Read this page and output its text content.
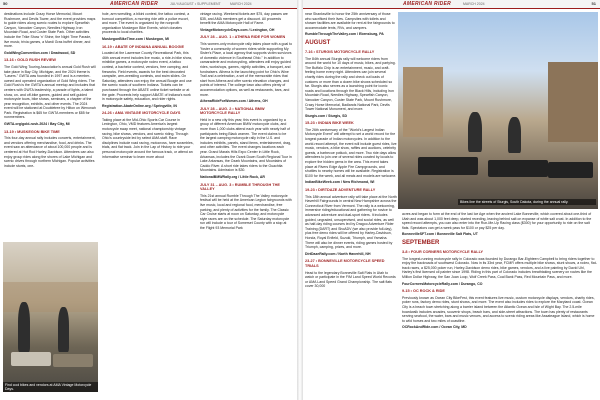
50	AMERICAN RIDER	JULY/AUGUST • SUPPLEMENT	MARCH 2024	AMERICAN RIDER	MARCH 2024	51

destinations include Crazy Horse Memorial, Mount Rushmore, and Devils Tower, and the event provides maps to guide riders along scenic routes to explore Spearfish Canyon, Vanocker Canyon, Needles Highway, Iron Mountain Road, and Custer State Park. Other activities include the Trike Show 'n' Shine, the Night Time Parade, live music, trivia games, a Mardi Gras buffet dinner, and more.

GoldWingConvention.com / Deadwood, SD

13-16 • GOLD RUSH REVIEW

The Gold Wing Touring Association's annual Gold Rush will take place in Bay City, Michigan, and the 2024 theme is "Lasers." GWTA was founded in 1997 and is a member-owned and operated organization of Gold Wing riders. The Gold Rush is the GWTA's annual meetup and includes that centers with GWTA leadership, a parade of lights, a talent show, on- and off-bike games, guided and self-guided motorcycle tours, bike shows, seminars, a chapter of the year recognition, exhibits, and other events. The 2024 event will be stationed at Doubletree by Hilton on Wenonah Park. Registration is $65 for GWTA members or $85 for nonmembers.

GWTA.org/gold-rush-2024 / Bay City, MI

13-19 • MUSKEGON BIKE TIME

This four-day annual rally includes concerts, entertainment, and vendors offering merchandise, food, and drinks. The event saw an attendance of about 100,000 people and is centered at Hot Rod Harley-Davidson. Attendees can also enjoy group rides along the shores of Lake Michigan and scenic drives through northern Michigan. Popular activities include stunts, one-

hole, arm wrestling, a bikini contest, the tattoo contest, a burnout competition, a morning ride with a police escort, and more. The event is organized by the nonprofit organization Muskegon Bike Events, which donates proceeds to local charities.

MuskegonBikeTime.com / Muskegon, MI

16-19 • ABATE OF INDIANA ANNUAL BOOGIE

Located at the Lawrence County Recreational Park, this 46th annual event includes live music, a ride-in bike show, minibike games, a motorcycle rodeo event, a tattoo contest, a bachelor contest, vendors, free camping, and fireworks. Field events, awards for the best decorated campsite, arm-wrestling contests, and swim slides. On Saturday, attendees can enjoy the annual Boogie and use the scenic roads of southern Indiana. Tickets can be purchased through the ABATE online ticket website or at the gate. Proceeds help support ABATE of Indiana's work in motorcycle safety, education, and rider rights.

Registration.AbateOnline.org / Springville, IN

24-26 • AMA VINTAGE MOTORCYCLE DAYS

Taking place at the Mid-Ohio Sports Car Course in Lexington, Ohio, VMD features America's largest motorcycle swap meet, national championship vintage racing, bike shows, vendors, and scenic riding. Through Ohio's countryside led by select AMA staff. Race disciplines include road racing, motocross, hare scrambles, trials, and flat track. Join in the Lap of History to ride your personal motorcycle around the famous track, or attend an informative seminar to learn more about

vintage racing. Weekend tickets are $75, day passes are $35, and AMA members get a discount. All proceeds benefit the AMA Motorcycle Hall of Fame.

VintageMotorcycleDays.com / Lexington, OH

JULY 28 – AUG. 1 • ATHENA RIDE FOR WOMEN

This women-only motorcycle rally takes place with a goal to "foster a community of women riders while supporting My Sister's Place, a local agency that supports victim survivors of domestic violence in Southeast Ohio." In addition to camaraderie and motorcycling, attendees will enjoy guided rides, workshops, games, nightly activities, a banquet, and fundraisers. Athena is the launching point for Ohio's Wine Trail and a celebration, a set of the memorable rides that start from Athens and offer scenic elevation changes, and points of interest. The college town also offers plenty of accommodation options, as well as restaurants, bars, and more.

AthenaRideForWomen.com / Athens, OH

JULY 28 – AUG. 2 • NATIONAL BMW MOTORCYCLE RALLY

Held in a new city this year, this event is organized by a group of different American BMW motorcycle clubs, and more than 1,000 clubs attend each year with nearly half of participants being Black women. The event claims to be the largest camping motorcycle rally in the U.S. and includes exhibits, panels, stand items, entertainment, drag, and other activities. The event changes locations each year. Grand Marais Hills Expo Center in Little Rock, Arkansas, includes the Ozark Down South Regional Tour in Lake Arkansas, the Ozark Mountains, and Mountains of Caddo River. A short ride takes riders to the Ouachita Mountains. Admission is $30.

NationalBMWRally.org / Little Rock, AR

JULY 31 – AUG. 3 • RUMBLE THROUGH THE VALLEY

This 21st annual Rumble Through The Valley motorcycle festival will be held at the American Legion fairgrounds with live music, local and regional food, merchandise, free parking, and plenty of activities for the family. The Classic Car Cruise starts at noon on Saturday, and motorcycle style races are on the schedule. The Saturday motorcycle run will include a tour of Somerset County with a stop at the Flight 93 Memorial Park

Find cool bikes and vendors at AMA Vintage Motorcycle Days.

near Shanksville to honor the 25th anniversary of those who sacrificed their lives. Campsites with toilets and shower facilities are available for rent at the fairgrounds to accommodate tents, RVs, and campers.

RumbleThroughTheValley.com / Ebensburg, PA

AUGUST

7-16 • STURGIS MOTORCYCLE RALLY

The 84th annual Sturgis rally will welcome riders from around the world for 10 days of music, bikes, and partying. The Buffalo Chip is an entertainment, music, and craft-feeling home every night. Attendees can join several charity rides during the rally and check out loads of customs or more than a dozen bike shows scheduled so far. Sturgis also serves as a launching point for iconic roads and locations through the Black Hills, including Iron Mountain Road, Needles Highway, Spearfish Canyon, Vanocker Canyon, Custer State Park, Mount Rushmore, Crazy Horse Memorial, Badlands National Park, Devils Tower National Monument, and more.

Sturgis.com / Sturgis, SD

15-23 • INDIAN BIKE WEEK

The 26th anniversary of the "World's Largest Indian Motorcycle Event" will attempt to set a world record for the longest parade of Indian motorcycles. In addition to the world-record attempt, the event will include guest rides, live music, vendors, a bike show, raffles and auctions, celebrity guests, a barbecue potluck, and more. Two ride days allow attendees to join one of several rides curated by locals to explore the hidden gems in the area. This event takes place at Rivers Edge Apple Fire Campgrounds, and shuttles to nearby homes will be available. Registration is $100 for the week, and all meals and models are welcome.

IndianBikeWeek.com / New Richmond, WI

19-23 • DIRTDAZE ADVENTURE RALLY

This 18th annual adventure rally will take place at the North Haverhill Fairgrounds in central New Hampshire across the Connecticut River from Vermont. The rally is a welcoming, immersive riding/educational and gathering for novice to advanced adventure and dual-sport riders. It includes guided, ungraded, unsupervised, and social rides, as well as half-day riding courses led by Dragoo Adventure Rider Training (DART) and ShoADV (we also provide full-day), plus free demo rides will be offered by Harley-Davidson, Honda, Royal Enfield, Suzuki, Triumph, and Yamaha. There will also be dinner events, riding games hosted by Triumph, camping, prizes, and more.

DirtDazeRally.com / North Haverhill, NH

23-27 • BONNEVILLE MOTORCYCLE SPEED TRIALS

Head to the legendary Bonneville Salt Flats in Utah to watch or participate in the FIM Land Speed World Records or AMA Land Speed Grand Championship. The salt flats cover 30,000

Bikes line the streets of Sturgis, South Dakota, during the annual rally.

acres and began to form at the end of the last Ice Age when the ancient Lake Bonneville, which covered about one-third of Utah and was about 1,000 feet deep, started receding, leaving behind salt on expanse of white salt crust. In addition to the speed record attempts, you can also enter into the Run-Me-Up Racing class ($300) for your opportunity to ride on the salt flats. Spectators can get a week pass for $100 or pay $25 per day.

BonnevilleSFT.com / Bonneville Salt Flats, UT

SEPTEMBER

3-8 • FOUR CORNERS MOTORCYCLE RALLY

The longest-running motorcycle rally in Colorado was founded by Durango Bar-Eighteen Campbell to bring riders together to enjoy the backroads of southwest Colorado. Now in its 33rd year, FCMR offers multiple bike shows, stunt shows, a rodeo, flat-track races, a $25,000 poker run, Harley-Davidson demo rides, bike games, vendors, and a live painting by David Uhl, Harley's first licensed oil painter since 1998. Riding in this part of Colorado includes breathtaking scenery on routes like the Million Dollar Highway, the San Juan Loop, Wolf Creek Pass, Coal Bank Pass, Red Mountain Pass, and more.

FourCornersMotorcycleRally.com / Durango, CO

9-15 • OC ROCK & RIDE

Previously known as Ocean City BikeFest, this event features live music, custom motorcycle displays, vendors, charity rides, poker runs, factory demo rides, stunt shows, and more. The event also includes rides to explore the Maryland coast. Ocean City is a beach town stretching along a barrier island between the Atlantic Ocean and Isle of Wight Bay. The 2.5-mile boardwalk includes arcades, souvenir shops, beach bars, and side-street attractions. The town has plenty of restaurants serving seafood, the water, bars and music venues, and access to scenic riding areas like Assateague Island, which is home to wild horses and two miles of coastline.

OCRockAndRide.com / Ocean City, MD
